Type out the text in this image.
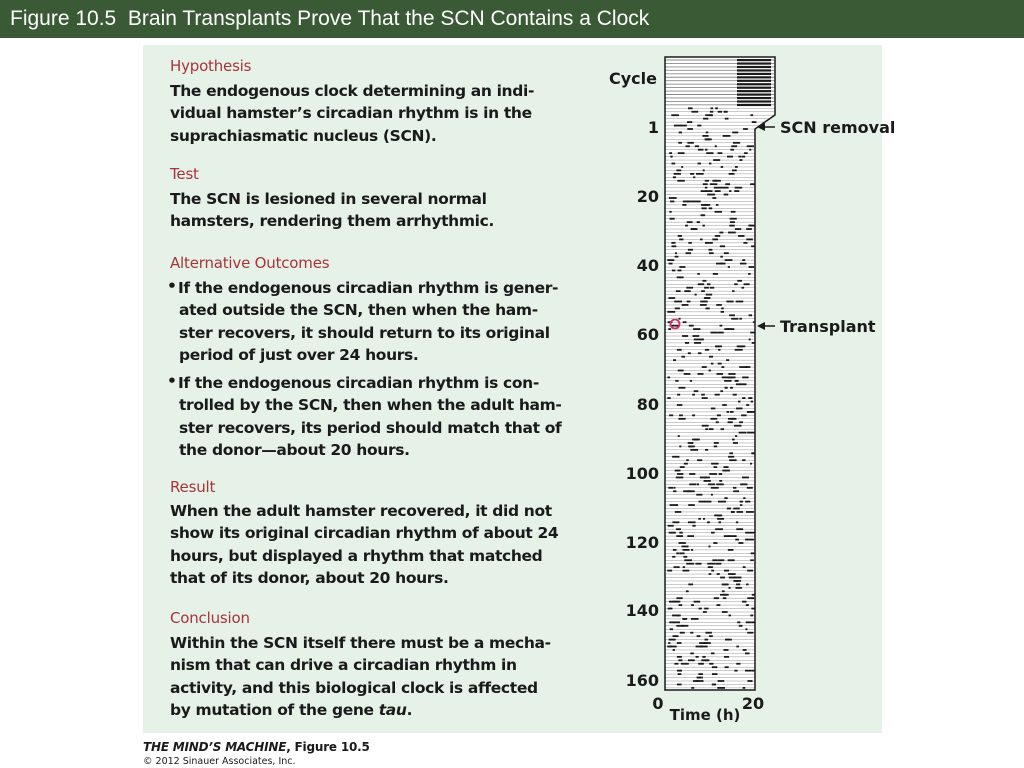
Figure 10.5  Brain Transplants Prove That the SCN Contains a Clock
Hypothesis
The endogenous clock determining an indi-
vidual hamster’s circadian rhythm is in the
suprachiasmatic nucleus (SCN).
Test
The SCN is lesioned in several normal
hamsters, rendering them arrhythmic.
Alternative Outcomes
• If the endogenous circadian rhythm is gener-
ated outside the SCN, then when the ham-
ster recovers, it should return to its original
period of just over 24 hours.
• If the endogenous circadian rhythm is con-
trolled by the SCN, then when the adult ham-
ster recovers, its period should match that of
the donor—about 20 hours.
Result
When the adult hamster recovered, it did not
show its original circadian rhythm of about 24
hours, but displayed a rhythm that matched
that of its donor, about 20 hours.
Conclusion
Within the SCN itself there must be a mecha-
nism that can drive a circadian rhythm in
activity, and this biological clock is affected
by mutation of the gene tau.
Cycle
1
20
40
60
80
100
120
140
160
0	20
Time (h)
SCN removal
Transplant
THE MIND’S MACHINE, Figure 10.5
© 2012 Sinauer Associates, Inc.
